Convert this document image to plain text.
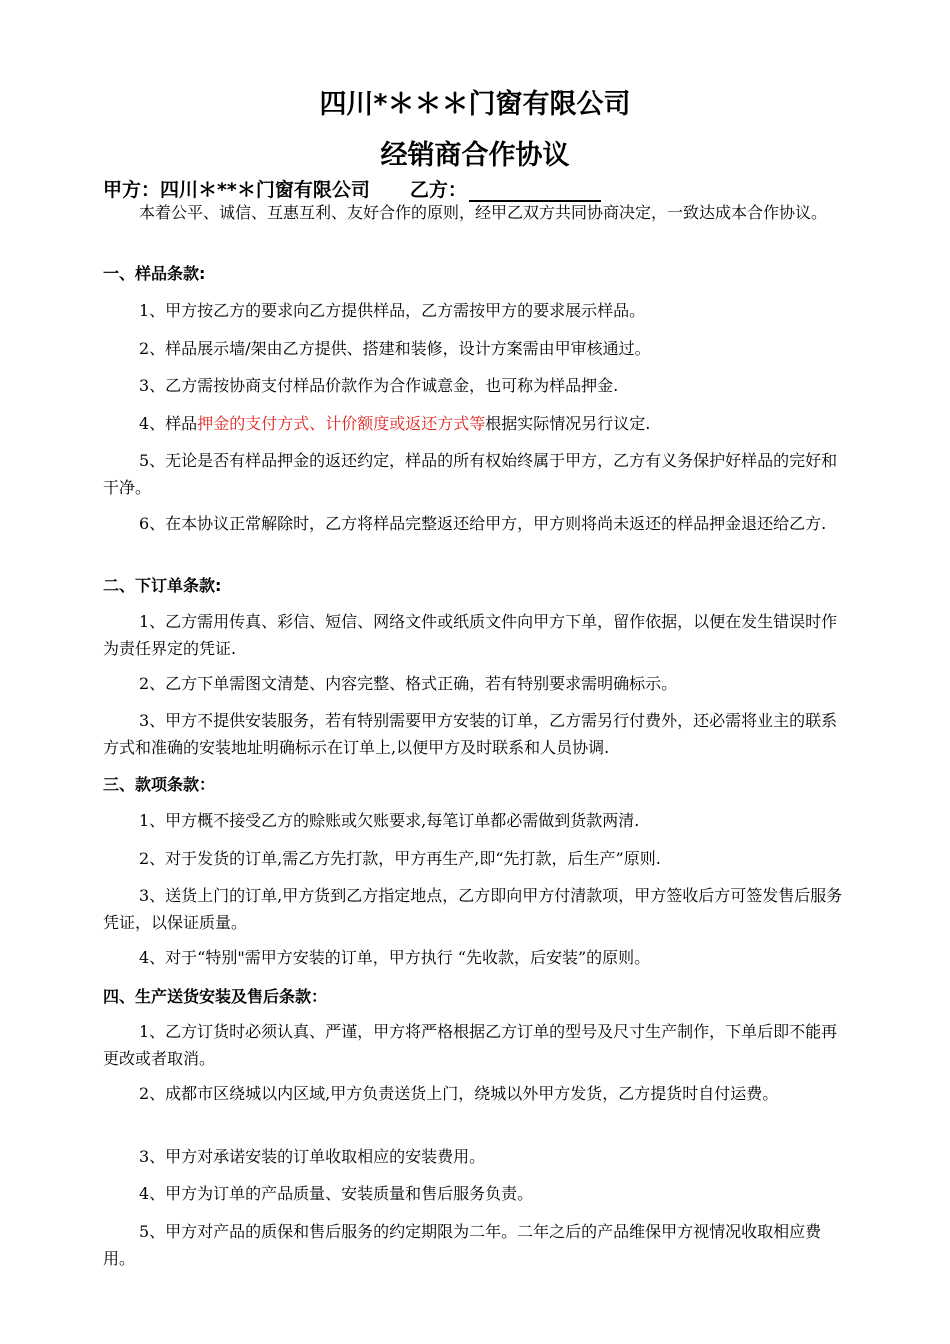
四川*＊＊＊门窗有限公司
经销商合作协议
甲方：四川＊**＊门窗有限公司 乙方：

本着公平、诚信、互惠互利、友好合作的原则，经甲乙双方共同协商决定，一致达成本合作协议。

一、样品条款:

1、甲方按乙方的要求向乙方提供样品，乙方需按甲方的要求展示样品。

2、样品展示墙/架由乙方提供、搭建和装修，设计方案需由甲审核通过。

3、乙方需按协商支付样品价款作为合作诚意金，也可称为样品押金.

4、样品押金的支付方式、计价额度或返还方式等根据实际情况另行议定.

5、无论是否有样品押金的返还约定，样品的所有权始终属于甲方，乙方有义务保护好样品的完好和干净。

6、在本协议正常解除时，乙方将样品完整返还给甲方，甲方则将尚未返还的样品押金退还给乙方.

二、下订单条款:

1、乙方需用传真、彩信、短信、网络文件或纸质文件向甲方下单，留作依据，以便在发生错误时作为责任界定的凭证.

2、乙方下单需图文清楚、内容完整、格式正确，若有特别要求需明确标示。

3、甲方不提供安装服务，若有特别需要甲方安装的订单，乙方需另行付费外，还必需将业主的联系方式和准确的安装地址明确标示在订单上,以便甲方及时联系和人员协调.

三、款项条款：

1、甲方概不接受乙方的赊账或欠账要求,每笔订单都必需做到货款两清.

2、对于发货的订单,需乙方先打款，甲方再生产,即“先打款，后生产”原则.

3、送货上门的订单,甲方货到乙方指定地点，乙方即向甲方付清款项，甲方签收后方可签发售后服务凭证，以保证质量。

4、对于“特别"需甲方安装的订单，甲方执行 “先收款，后安装”的原则。

四、生产送货安装及售后条款：

1、乙方订货时必须认真、严谨，甲方将严格根据乙方订单的型号及尺寸生产制作，下单后即不能再更改或者取消。

2、成都市区绕城以内区域,甲方负责送货上门，绕城以外甲方发货，乙方提货时自付运费。

3、甲方对承诺安装的订单收取相应的安装费用。

4、甲方为订单的产品质量、安装质量和售后服务负责。

5、甲方对产品的质保和售后服务的约定期限为二年。二年之后的产品维保甲方视情况收取相应费用。
